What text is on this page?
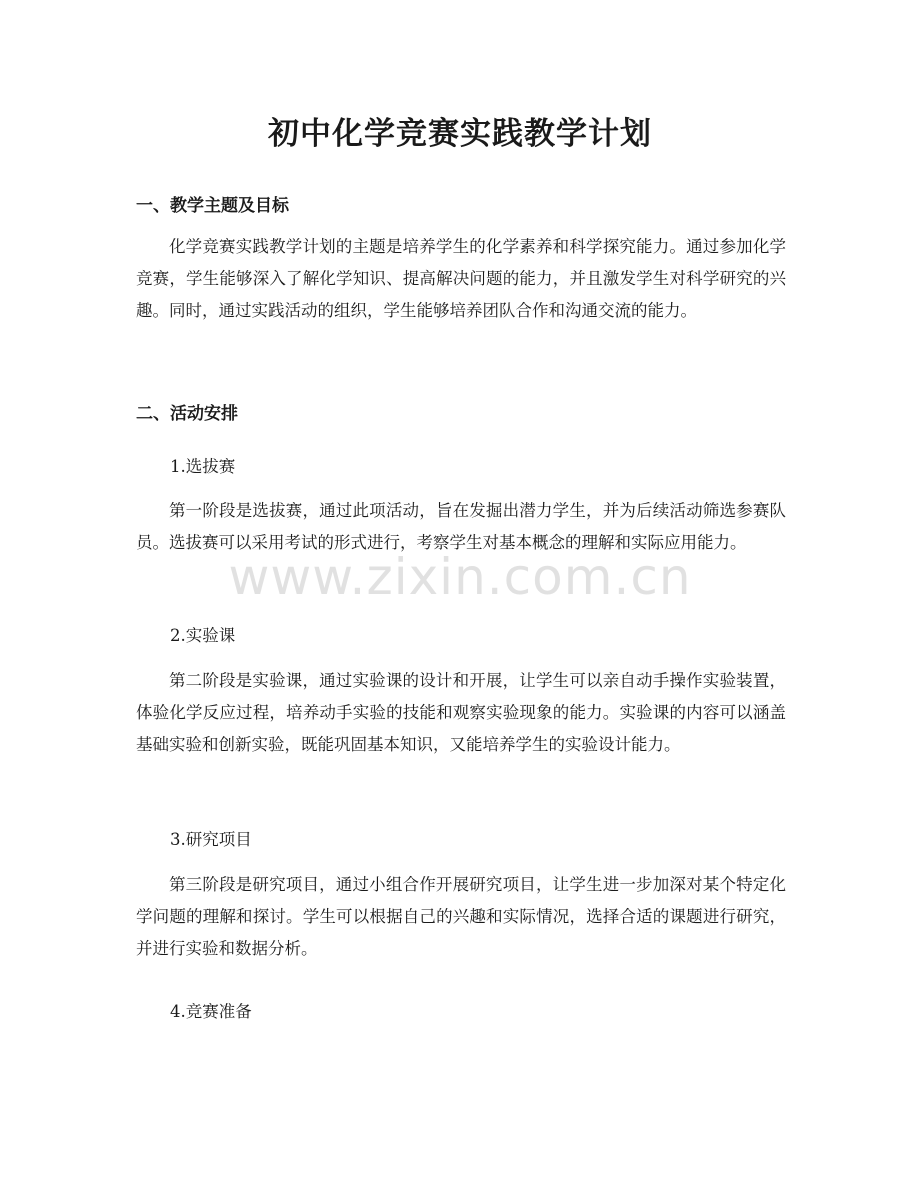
初中化学竞赛实践教学计划
一、教学主题及目标

化学竞赛实践教学计划的主题是培养学生的化学素养和科学探究能力。通过参加化学竞赛，学生能够深入了解化学知识、提高解决问题的能力，并且激发学生对科学研究的兴趣。同时，通过实践活动的组织，学生能够培养团队合作和沟通交流的能力。

二、活动安排

1.选拔赛

第一阶段是选拔赛，通过此项活动，旨在发掘出潜力学生，并为后续活动筛选参赛队员。选拔赛可以采用考试的形式进行，考察学生对基本概念的理解和实际应用能力。

2.实验课

第二阶段是实验课，通过实验课的设计和开展，让学生可以亲自动手操作实验装置，体验化学反应过程，培养动手实验的技能和观察实验现象的能力。实验课的内容可以涵盖基础实验和创新实验，既能巩固基本知识，又能培养学生的实验设计能力。

3.研究项目

第三阶段是研究项目，通过小组合作开展研究项目，让学生进一步加深对某个特定化学问题的理解和探讨。学生可以根据自己的兴趣和实际情况，选择合适的课题进行研究，并进行实验和数据分析。

4.竞赛准备

www.zixin.com.cn
